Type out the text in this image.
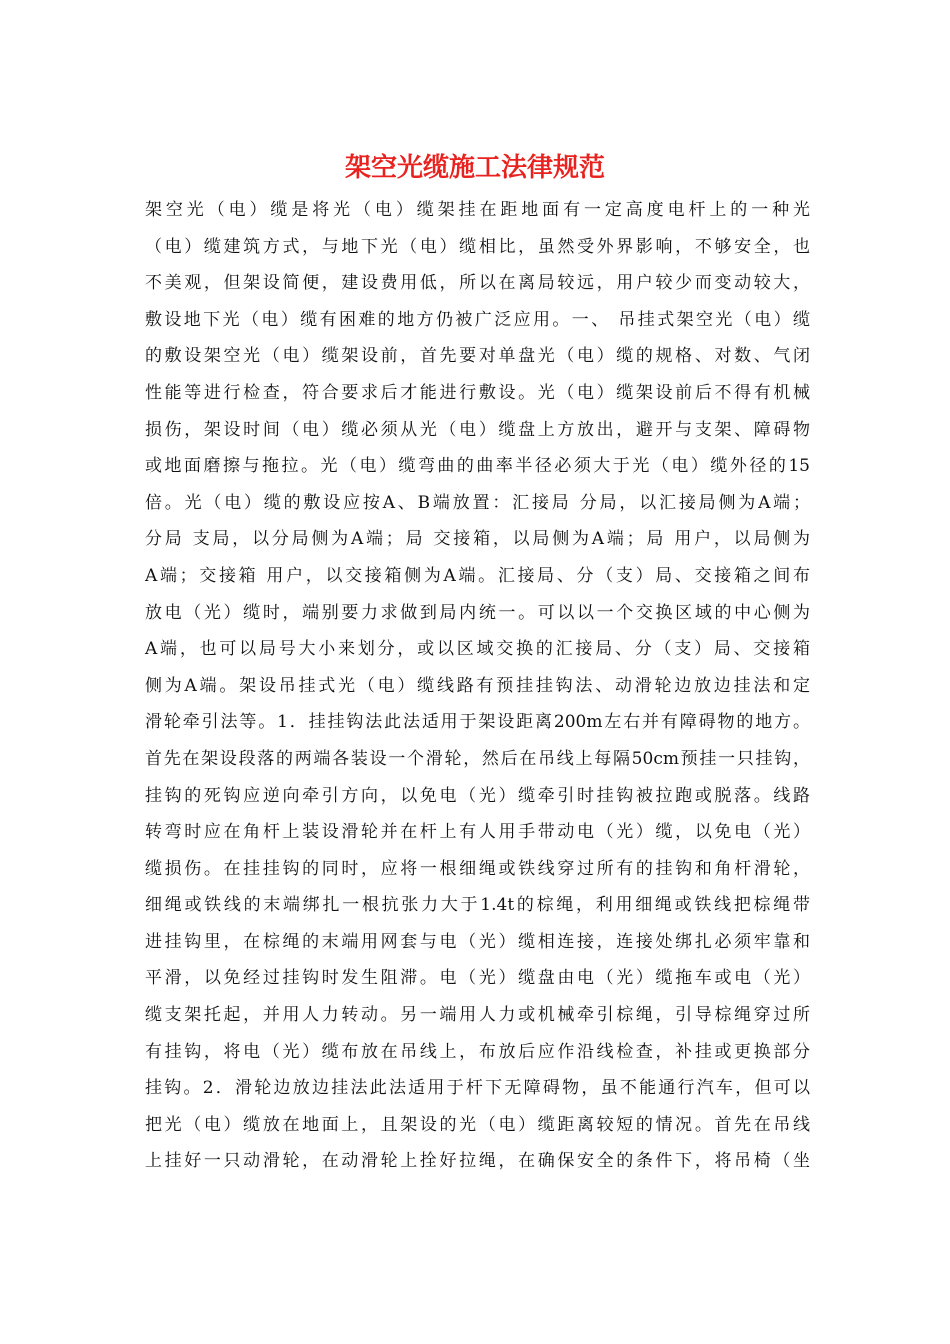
架空光缆施工法律规范
架空光（电）缆是将光（电）缆架挂在距地面有一定高度电杆上的一种光
（电）缆建筑方式，与地下光（电）缆相比，虽然受外界影响，不够安全，也
不美观，但架设简便，建设费用低，所以在离局较远，用户较少而变动较大，
敷设地下光（电）缆有困难的地方仍被广泛应用。一、 吊挂式架空光（电）缆
的敷设架空光（电）缆架设前，首先要对单盘光（电）缆的规格、对数、气闭
性能等进行检查，符合要求后才能进行敷设。光（电）缆架设前后不得有机械
损伤，架设时间（电）缆必须从光（电）缆盘上方放出，避开与支架、障碍物
或地面磨擦与拖拉。光（电）缆弯曲的曲率半径必须大于光（电）缆外径的15
倍。光（电）缆的敷设应按A、B端放置：汇接局 分局，以汇接局侧为A端；
分局 支局，以分局侧为A端；局 交接箱，以局侧为A端；局 用户，以局侧为
A端；交接箱 用户，以交接箱侧为A端。汇接局、分（支）局、交接箱之间布
放电（光）缆时，端别要力求做到局内统一。可以以一个交换区域的中心侧为
A端，也可以局号大小来划分，或以区域交换的汇接局、分（支）局、交接箱
侧为A端。架设吊挂式光（电）缆线路有预挂挂钩法、动滑轮边放边挂法和定
滑轮牵引法等。1．挂挂钩法此法适用于架设距离200m左右并有障碍物的地方。
首先在架设段落的两端各装设一个滑轮，然后在吊线上每隔50cm预挂一只挂钩，
挂钩的死钩应逆向牵引方向，以免电（光）缆牵引时挂钩被拉跑或脱落。线路
转弯时应在角杆上装设滑轮并在杆上有人用手带动电（光）缆，以免电（光）
缆损伤。在挂挂钩的同时，应将一根细绳或铁线穿过所有的挂钩和角杆滑轮，
细绳或铁线的末端绑扎一根抗张力大于1.4t的棕绳，利用细绳或铁线把棕绳带
进挂钩里，在棕绳的末端用网套与电（光）缆相连接，连接处绑扎必须牢靠和
平滑，以免经过挂钩时发生阻滞。电（光）缆盘由电（光）缆拖车或电（光）
缆支架托起，并用人力转动。另一端用人力或机械牵引棕绳，引导棕绳穿过所
有挂钩，将电（光）缆布放在吊线上，布放后应作沿线检查，补挂或更换部分
挂钩。2．滑轮边放边挂法此法适用于杆下无障碍物，虽不能通行汽车，但可以
把光（电）缆放在地面上，且架设的光（电）缆距离较短的情况。首先在吊线
上挂好一只动滑轮，在动滑轮上拴好拉绳，在确保安全的条件下，将吊椅（坐
